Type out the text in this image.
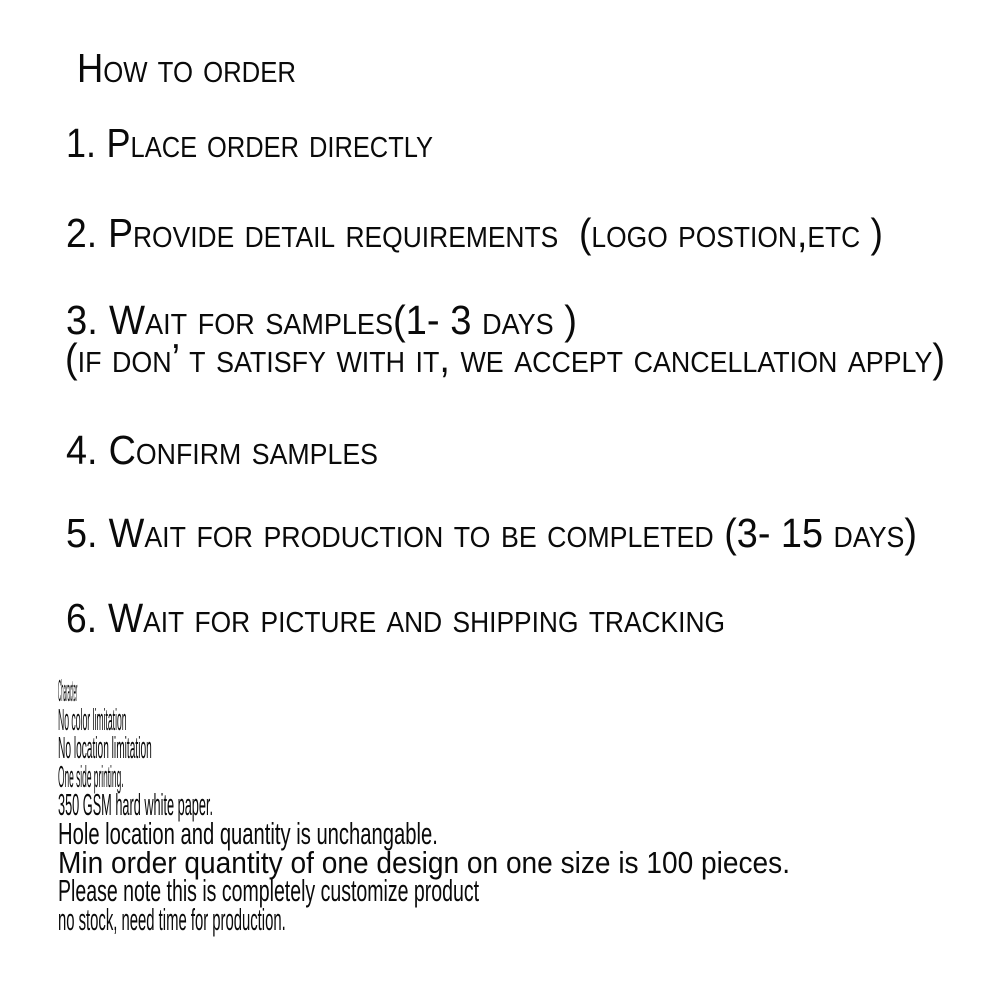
How to order
1. Place order directly
2. Provide detail requirements  (logo postion,etc )
3. Wait for samples(1- 3 days )
(if don’ t satisfy with it, we accept cancellation apply)
4. Confirm samples
5. Wait for production to be completed (3- 15 days)
6. Wait for picture and shipping tracking
Character
No color limitation
No location limitation
One side printing.
350 GSM hard white paper.
Hole location and quantity is unchangable.
Min order quantity of one design on one size is 100 pieces.
Please note this is completely customize product
no stock, need time for production.
